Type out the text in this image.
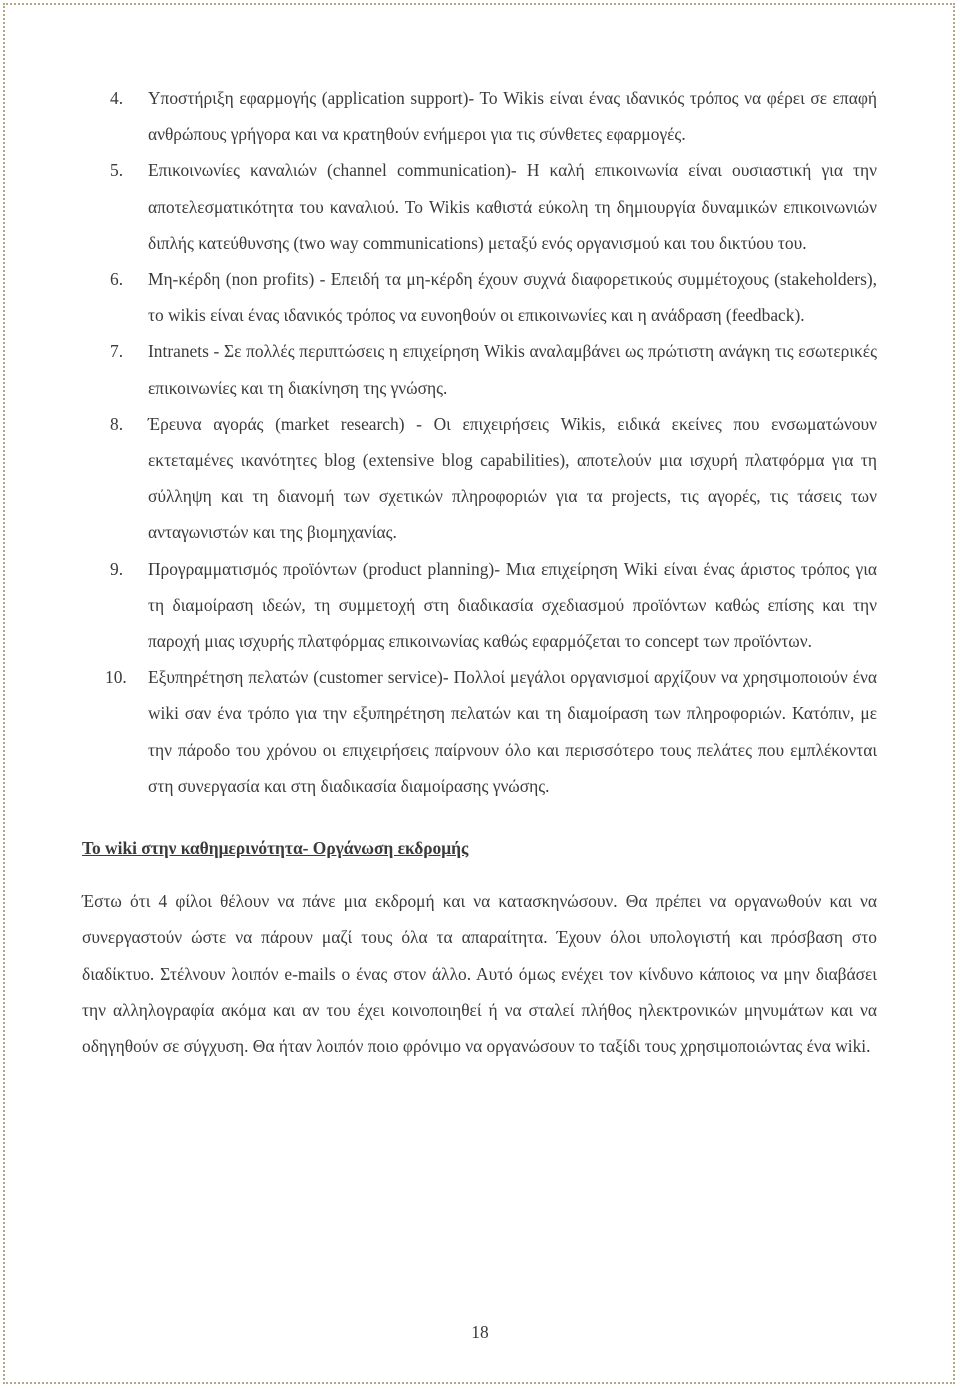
4. Υποστήριξη εφαρμογής (application support)- Το Wikis είναι ένας ιδανικός τρόπος να φέρει σε επαφή ανθρώπους γρήγορα και να κρατηθούν ενήμεροι για τις σύνθετες εφαρμογές.
5. Επικοινωνίες καναλιών (channel communication)- Η καλή επικοινωνία είναι ουσιαστική για την αποτελεσματικότητα του καναλιού. Το Wikis καθιστά εύκολη τη δημιουργία δυναμικών επικοινωνιών διπλής κατεύθυνσης (two way communications) μεταξύ ενός οργανισμού και του δικτύου του.
6. Μη-κέρδη (non profits) - Επειδή τα μη-κέρδη έχουν συχνά διαφορετικούς συμμέτοχους (stakeholders), το wikis είναι ένας ιδανικός τρόπος να ευνοηθούν οι επικοινωνίες και η ανάδραση (feedback).
7. Intranets - Σε πολλές περιπτώσεις η επιχείρηση Wikis αναλαμβάνει ως πρώτιστη ανάγκη τις εσωτερικές επικοινωνίες και τη διακίνηση της γνώσης.
8. Έρευνα αγοράς (market research) - Οι επιχειρήσεις Wikis, ειδικά εκείνες που ενσωματώνουν εκτεταμένες ικανότητες blog (extensive blog capabilities), αποτελούν μια ισχυρή πλατφόρμα για τη σύλληψη και τη διανομή των σχετικών πληροφοριών για τα projects, τις αγορές, τις τάσεις των ανταγωνιστών και της βιομηχανίας.
9. Προγραμματισμός προϊόντων (product planning)- Μια επιχείρηση Wiki είναι ένας άριστος τρόπος για τη διαμοίραση ιδεών, τη συμμετοχή στη διαδικασία σχεδιασμού προϊόντων καθώς επίσης και την παροχή μιας ισχυρής πλατφόρμας επικοινωνίας καθώς εφαρμόζεται το concept των προϊόντων.
10. Εξυπηρέτηση πελατών (customer service)- Πολλοί μεγάλοι οργανισμοί αρχίζουν να χρησιμοποιούν ένα wiki σαν ένα τρόπο για την εξυπηρέτηση πελατών και τη διαμοίραση των πληροφοριών. Κατόπιν, με την πάροδο του χρόνου οι επιχειρήσεις παίρνουν όλο και περισσότερο τους πελάτες που εμπλέκονται στη συνεργασία και στη διαδικασία διαμοίρασης γνώσης.
Το wiki στην καθημερινότητα- Οργάνωση εκδρομής

Έστω ότι 4 φίλοι θέλουν να πάνε μια εκδρομή και να κατασκηνώσουν. Θα πρέπει να οργανωθούν και να συνεργαστούν ώστε να πάρουν μαζί τους όλα τα απαραίτητα. Έχουν όλοι υπολογιστή και πρόσβαση στο διαδίκτυο. Στέλνουν λοιπόν e-mails ο ένας στον άλλο. Αυτό όμως ενέχει τον κίνδυνο κάποιος να μην διαβάσει την αλληλογραφία ακόμα και αν του έχει κοινοποιηθεί ή να σταλεί πλήθος ηλεκτρονικών μηνυμάτων και να οδηγηθούν σε σύγχυση. Θα ήταν λοιπόν ποιο φρόνιμο να οργανώσουν το ταξίδι τους χρησιμοποιώντας ένα wiki.

18
